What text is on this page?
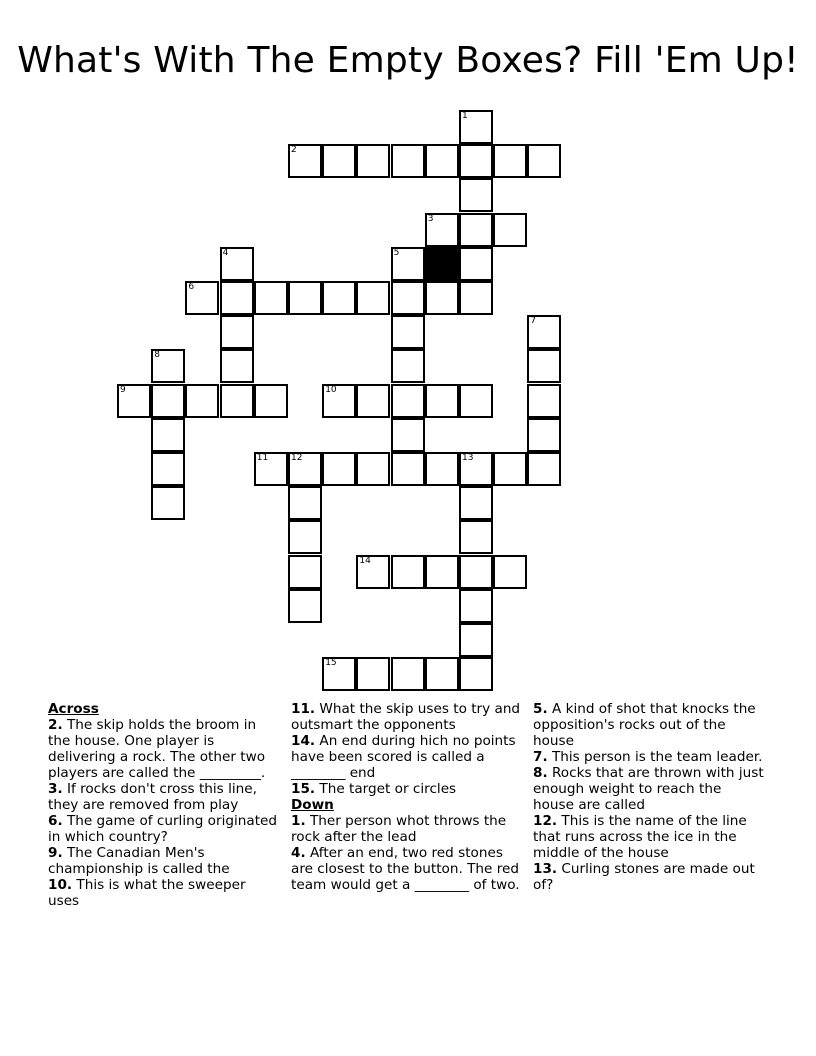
What's With The Empty Boxes? Fill 'Em Up!
2
3
6
9	10
11	12	13
14
15
1
4	5
7
8
Across

2. The skip holds the broom in the house. One player is delivering a rock. The other two players are called the _________.

3. If rocks don't cross this line, they are removed from play

6. The game of curling originated in which country?

9. The Canadian Men's championship is called the

10. This is what the sweeper uses

11. What the skip uses to try and outsmart the opponents

14. An end during hich no points have been scored is called a ________ end

15. The target or circles

Down

1. Ther person whot throws the rock after the lead

4. After an end, two red stones are closest to the button. The red team would get a ________ of two.

5. A kind of shot that knocks the opposition's rocks out of the house

7. This person is the team leader.

8. Rocks that are thrown with just enough weight to reach the house are called

12. This is the name of the line that runs across the ice in the middle of the house

13. Curling stones are made out of?
